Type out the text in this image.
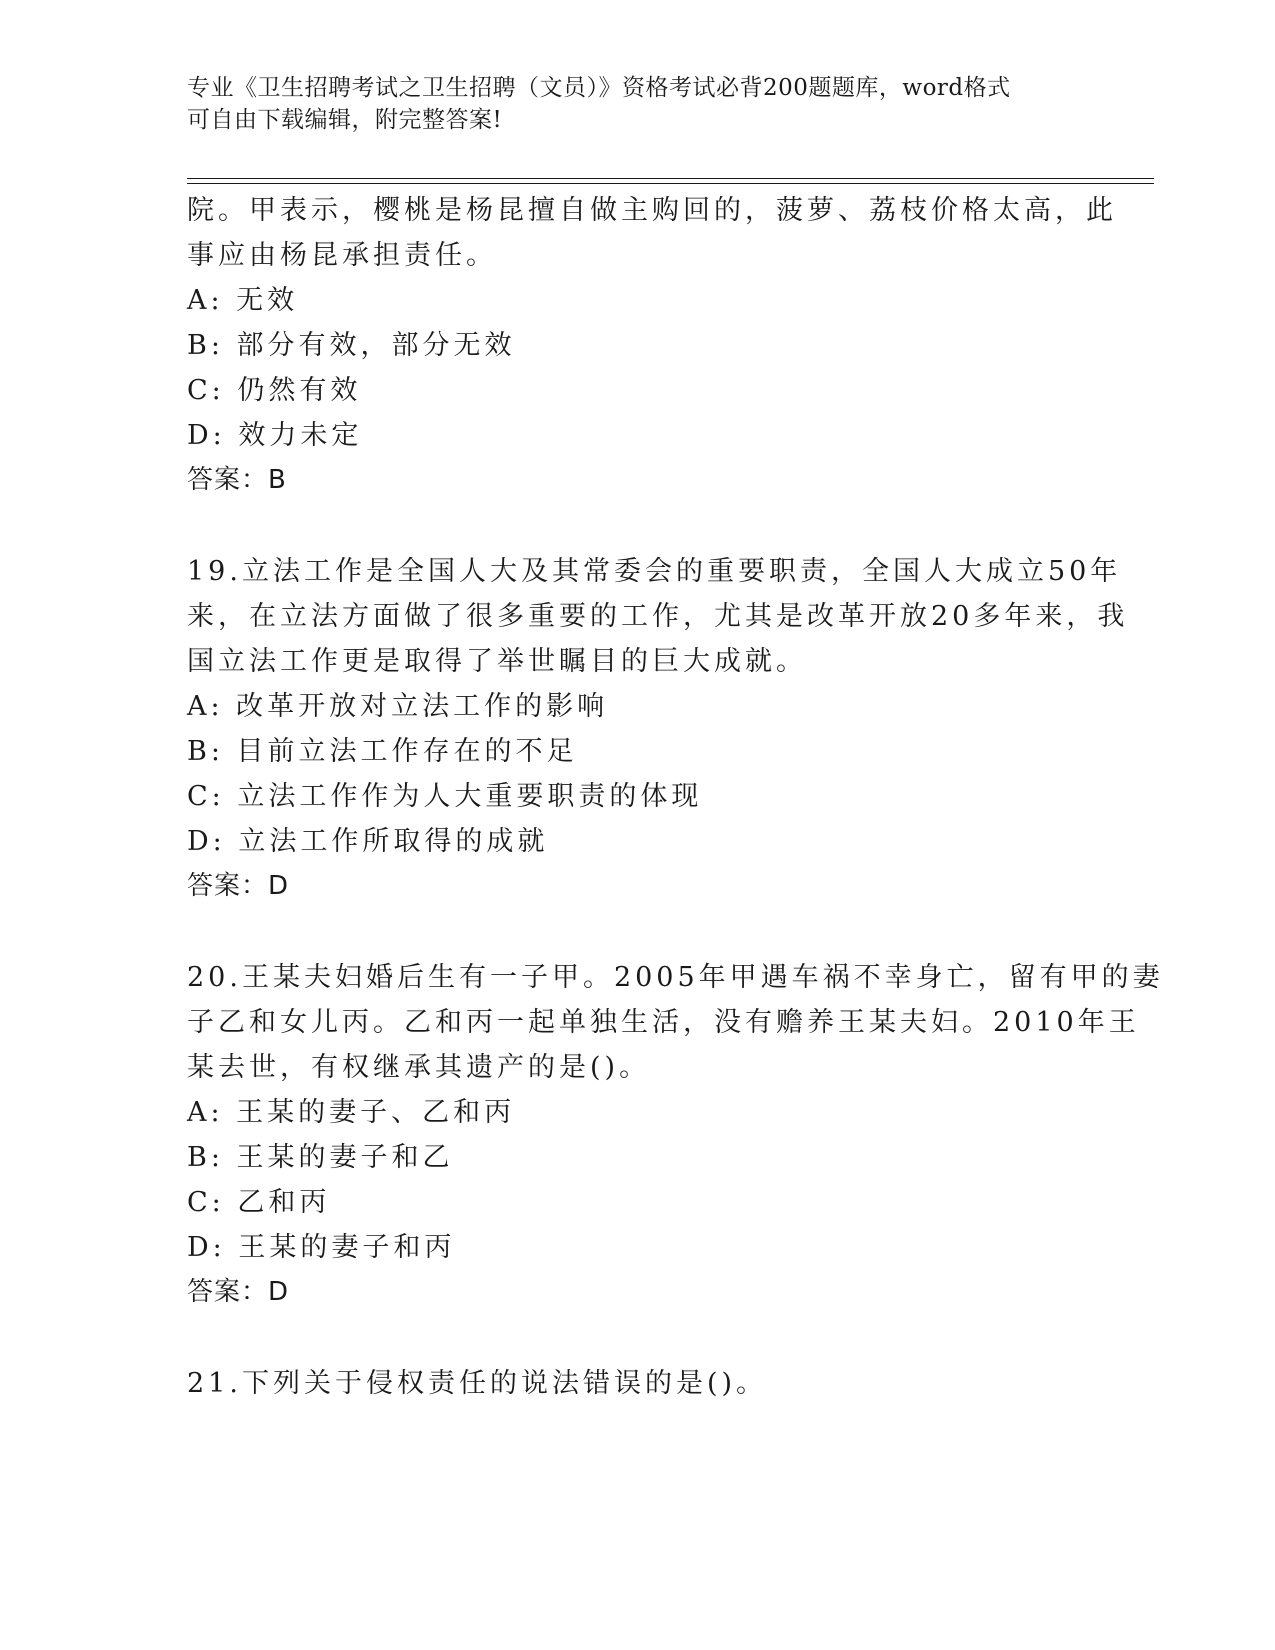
专业《卫生招聘考试之卫生招聘（文员）》资格考试必背200题题库，word格式
可自由下载编辑，附完整答案!
院。甲表示，樱桃是杨昆擅自做主购回的，菠萝、荔枝价格太高，此
事应由杨昆承担责任。
A: 无效
B: 部分有效，部分无效
C: 仍然有效
D: 效力未定
答案：B
19.立法工作是全国人大及其常委会的重要职责，全国人大成立50年
来，在立法方面做了很多重要的工作，尤其是改革开放20多年来，我
国立法工作更是取得了举世瞩目的巨大成就。
A: 改革开放对立法工作的影响
B: 目前立法工作存在的不足
C: 立法工作作为人大重要职责的体现
D: 立法工作所取得的成就
答案：D
20.王某夫妇婚后生有一子甲。2005年甲遇车祸不幸身亡，留有甲的妻
子乙和女儿丙。乙和丙一起单独生活，没有赡养王某夫妇。2010年王
某去世，有权继承其遗产的是()。
A: 王某的妻子、乙和丙
B: 王某的妻子和乙
C: 乙和丙
D: 王某的妻子和丙
答案：D
21.下列关于侵权责任的说法错误的是()。
